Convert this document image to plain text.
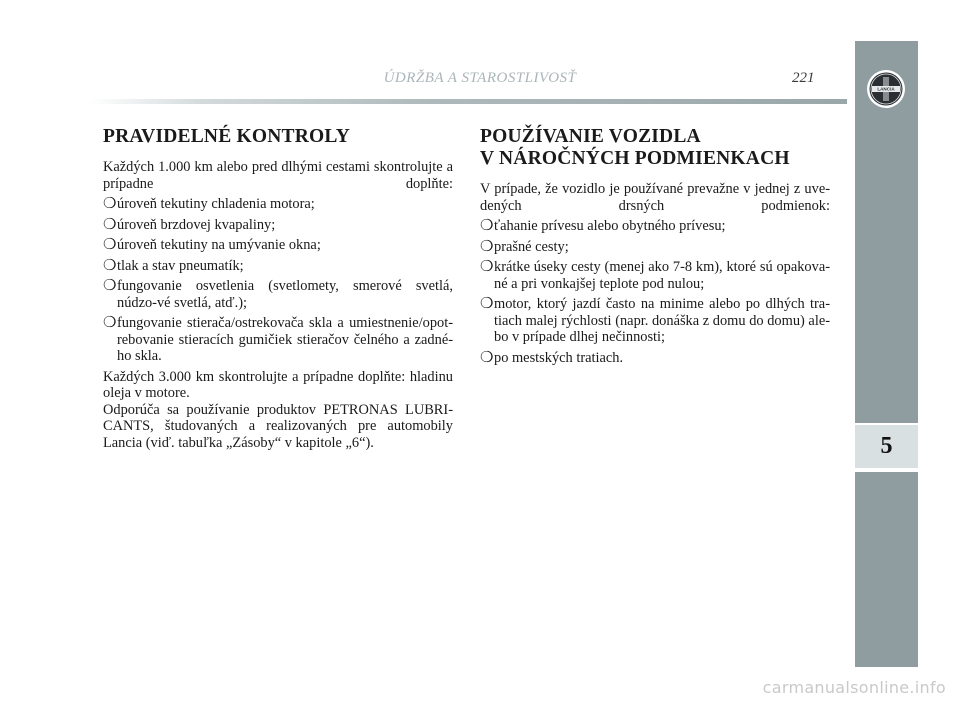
ÚDRŽBA A STAROSTLIVOSŤ	221
LANCIA
5
PRAVIDELNÉ KONTROLY

Každých 1.000 km alebo pred dlhými cestami skontrolujte a prípadne doplňte:

❍ úroveň tekutiny chladenia motora;
❍ úroveň brzdovej kvapaliny;
❍ úroveň tekutiny na umývanie okna;
❍ tlak a stav pneumatík;
❍ fungovanie osvetlenia (svetlomety, smerové svetlá, núdzo-vé svetlá, atď.);
❍ fungovanie stierača/ostrekovača skla a umiestnenie/opot-rebovanie stieracích gumičiek stieračov čelného a zadné-ho skla.

Každých 3.000 km skontrolujte a prípadne doplňte: hladinu oleja v motore.

Odporúča sa používanie produktov PETRONAS LUBRI-CANTS, študovaných a realizovaných pre automobily Lancia (viď. tabuľka „Zásoby“ v kapitole „6“).

POUŽÍVANIE VOZIDLA
V NÁROČNÝCH PODMIENKACH

V prípade, že vozidlo je používané prevažne v jednej z uve-dených drsných podmienok:

❍ ťahanie prívesu alebo obytného prívesu;
❍ prašné cesty;
❍ krátke úseky cesty (menej ako 7-8 km), ktoré sú opakova-né a pri vonkajšej teplote pod nulou;
❍ motor, ktorý jazdí často na minime alebo po dlhých tra-tiach malej rýchlosti (napr. donáška z domu do domu) ale-bo v prípade dlhej nečinnosti;
❍ po mestských tratiach.
carmanualsonline.info
